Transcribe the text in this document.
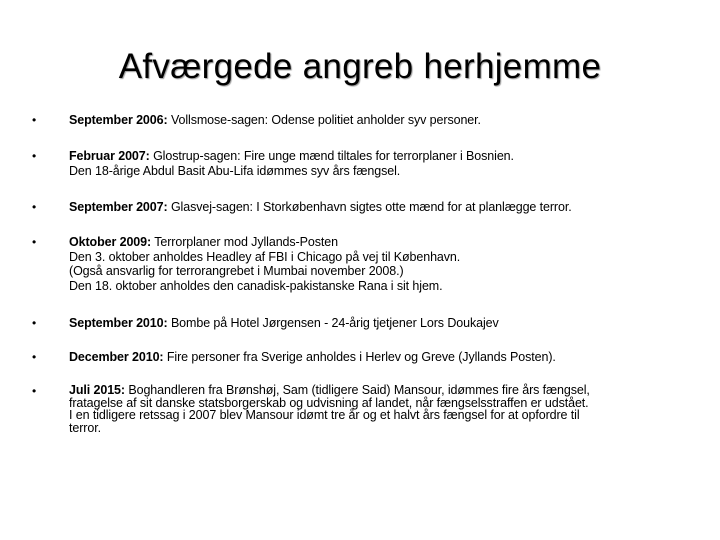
Afværgede angreb herhjemme
•	September 2006: Vollsmose-sagen: Odense politiet anholder syv personer.
•	Februar 2007: Glostrup-sagen: Fire unge mænd tiltales for terrorplaner i Bosnien.
Den 18-årige Abdul Basit Abu-Lifa idømmes syv års fængsel.
•	September 2007: Glasvej-sagen: I Storkøbenhavn sigtes otte mænd for at planlægge terror.
•	Oktober 2009: Terrorplaner mod Jyllands-Posten
Den 3. oktober anholdes Headley af FBI i Chicago på vej til København.
(Også ansvarlig for terrorangrebet i Mumbai november 2008.)
Den 18. oktober anholdes den canadisk-pakistanske Rana i sit hjem.
•	September 2010: Bombe på Hotel Jørgensen - 24-årig tjetjener Lors Doukajev
•	December 2010: Fire personer fra Sverige anholdes i Herlev og Greve (Jyllands Posten).
•	Juli 2015: Boghandleren fra Brønshøj, Sam (tidligere Said) Mansour, idømmes fire års fængsel,
fratagelse af sit danske statsborgerskab og udvisning af landet, når fængselsstraffen er udstået.
I en tidligere retssag i 2007 blev Mansour idømt tre år og et halvt års fængsel for at opfordre til
terror.
